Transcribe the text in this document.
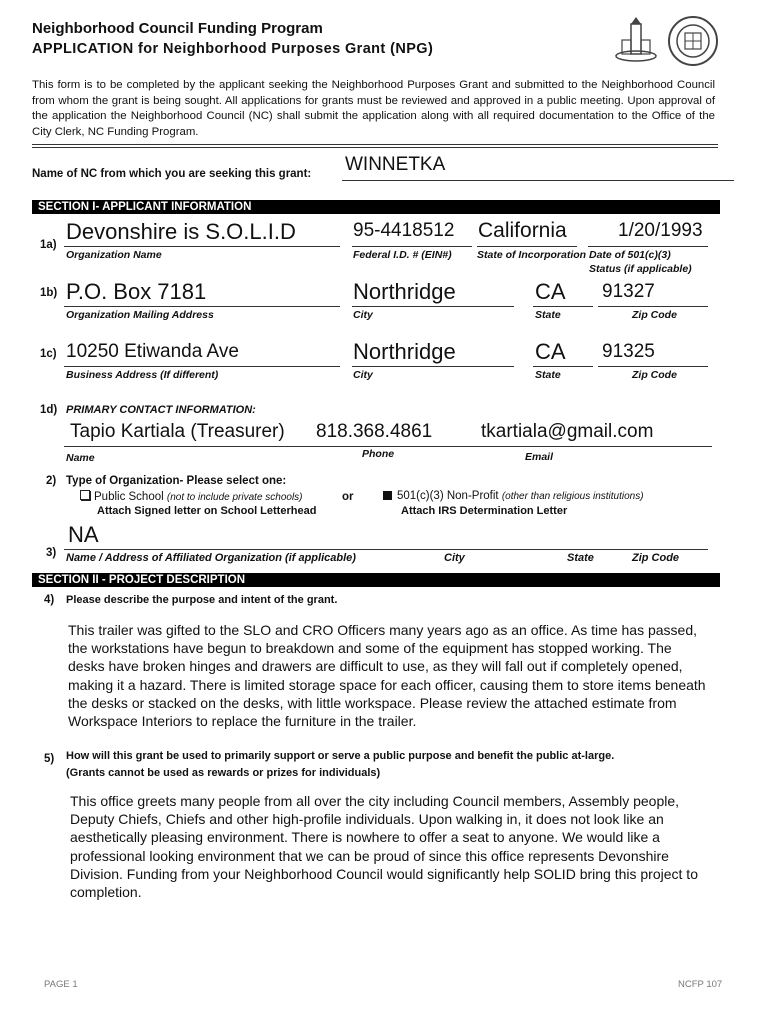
Neighborhood Council Funding Program
APPLICATION for Neighborhood Purposes Grant (NPG)
This form is to be completed by the applicant seeking the Neighborhood Purposes Grant and submitted to the Neighborhood Council from whom the grant is being sought. All applications for grants must be reviewed and approved in a public meeting. Upon approval of the application the Neighborhood Council (NC) shall submit the application along with all required documentation to the Office of the City Clerk, NC Funding Program.
Name of NC from which you are seeking this grant: WINNETKA
SECTION I- APPLICANT INFORMATION
1a)
Devonshire is S.O.L.I.D
Organization Name
95-4418512
Federal I.D. # (EIN#)
California
State of Incorporation
1/20/1993
Date of 501(c)(3)
Status (if applicable)
1b) P.O. Box 7181
Organization Mailing Address
Northridge
City
CA
State
91327
Zip Code
1c) 10250 Etiwanda Ave
Business Address (If different)
Northridge
City
CA
State
91325
Zip Code
1d) PRIMARY CONTACT INFORMATION:
Tapio Kartiala (Treasurer) 818.368.4861	tkartiala@gmail.com
Name	Phone	Email
2) Type of Organization- Please select one:
Public School (not to include private schools)
Attach Signed letter on School Letterhead
or	501(c)(3) Non-Profit (other than religious institutions)
Attach IRS Determination Letter
3)
NA
Name / Address of Affiliated Organization (if applicable)	City	State	Zip Code
SECTION II - PROJECT DESCRIPTION
4) Please describe the purpose and intent of the grant.
This trailer was gifted to the SLO and CRO Officers many years ago as an office. As time has passed, the workstations have begun to breakdown and some of the equipment has stopped working. The desks have broken hinges and drawers are difficult to use, as they will fall out if completely opened, making it a hazard. There is limited storage space for each officer, causing them to store items beneath the desks or stacked on the desks, with little workspace. Please review the attached estimate from Workspace Interiors to replace the furniture in the trailer.
5) How will this grant be used to primarily support or serve a public purpose and benefit the public at-large.
(Grants cannot be used as rewards or prizes for individuals)
This office greets many people from all over the city including Council members, Assembly people, Deputy Chiefs, Chiefs and other high-profile individuals. Upon walking in, it does not look like an aesthetically pleasing environment. There is nowhere to offer a seat to anyone. We would like a professional looking environment that we can be proud of since this office represents Devonshire Division. Funding from your Neighborhood Council would significantly help SOLID bring this project to completion.
PAGE 1	NCFP 107
